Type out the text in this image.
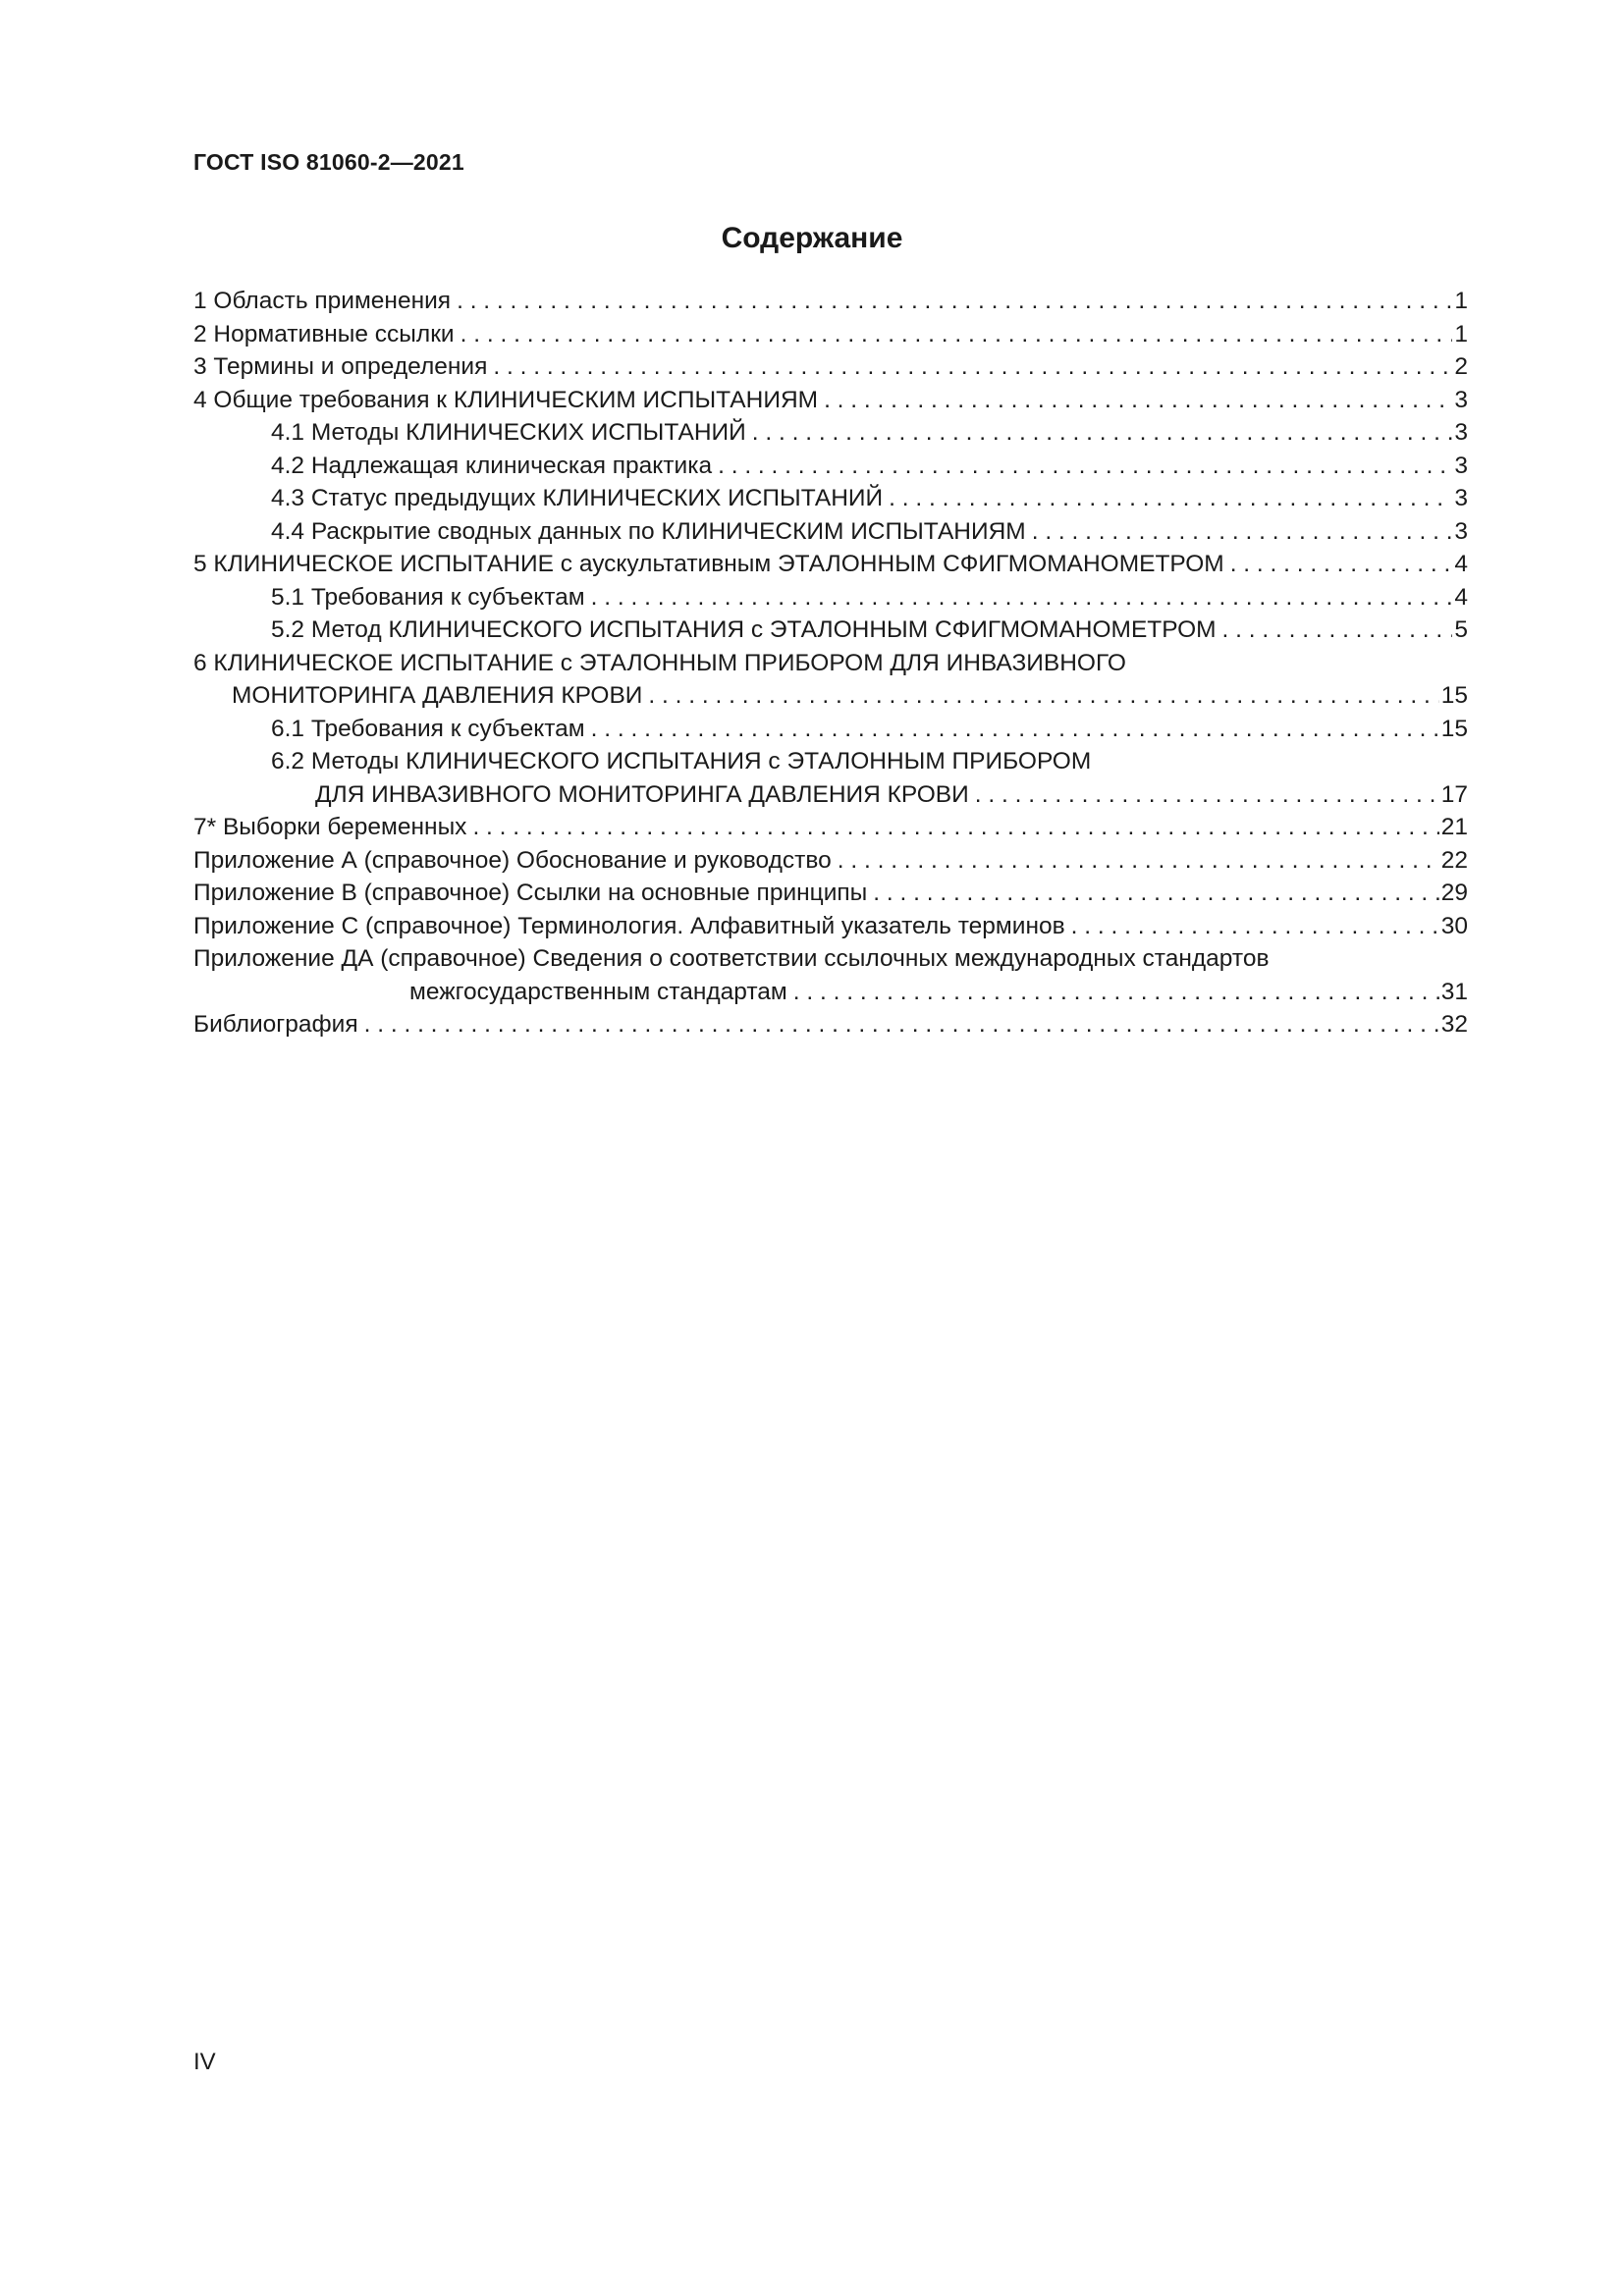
ГОСТ ISO 81060-2—2021
Содержание
1 Область применения . . .	1
2 Нормативные ссылки . . .	1
3 Термины и определения . . .	2
4 Общие требования к КЛИНИЧЕСКИМ ИСПЫТАНИЯМ . . .	3
4.1 Методы КЛИНИЧЕСКИХ ИСПЫТАНИЙ . . .	3
4.2 Надлежащая клиническая практика . . .	3
4.3 Статус предыдущих КЛИНИЧЕСКИХ ИСПЫТАНИЙ . . .	3
4.4 Раскрытие сводных данных по КЛИНИЧЕСКИМ ИСПЫТАНИЯМ . . .	3
5 КЛИНИЧЕСКОЕ ИСПЫТАНИЕ с аускультативным ЭТАЛОННЫМ СФИГМОМАНОМЕТРОМ . . .	4
5.1 Требования к субъектам . . .	4
5.2 Метод КЛИНИЧЕСКОГО ИСПЫТАНИЯ с ЭТАЛОННЫМ СФИГМОМАНОМЕТРОМ . . .	5
6 КЛИНИЧЕСКОЕ ИСПЫТАНИЕ с ЭТАЛОННЫМ ПРИБОРОМ ДЛЯ ИНВАЗИВНОГО
МОНИТОРИНГА ДАВЛЕНИЯ КРОВИ . . .	15
6.1 Требования к субъектам . . .	15
6.2 Методы КЛИНИЧЕСКОГО ИСПЫТАНИЯ с ЭТАЛОННЫМ ПРИБОРОМ
ДЛЯ ИНВАЗИВНОГО МОНИТОРИНГА ДАВЛЕНИЯ КРОВИ . . .	17
7* Выборки беременных . . .	21
Приложение А (справочное) Обоснование и руководство . . .	22
Приложение В (справочное) Ссылки на основные принципы . . .	29
Приложение С (справочное) Терминология. Алфавитный указатель терминов . . .	30
Приложение ДА (справочное) Сведения о соответствии ссылочных международных стандартов
межгосударственным стандартам . . .	31
Библиография . . .	32
IV
